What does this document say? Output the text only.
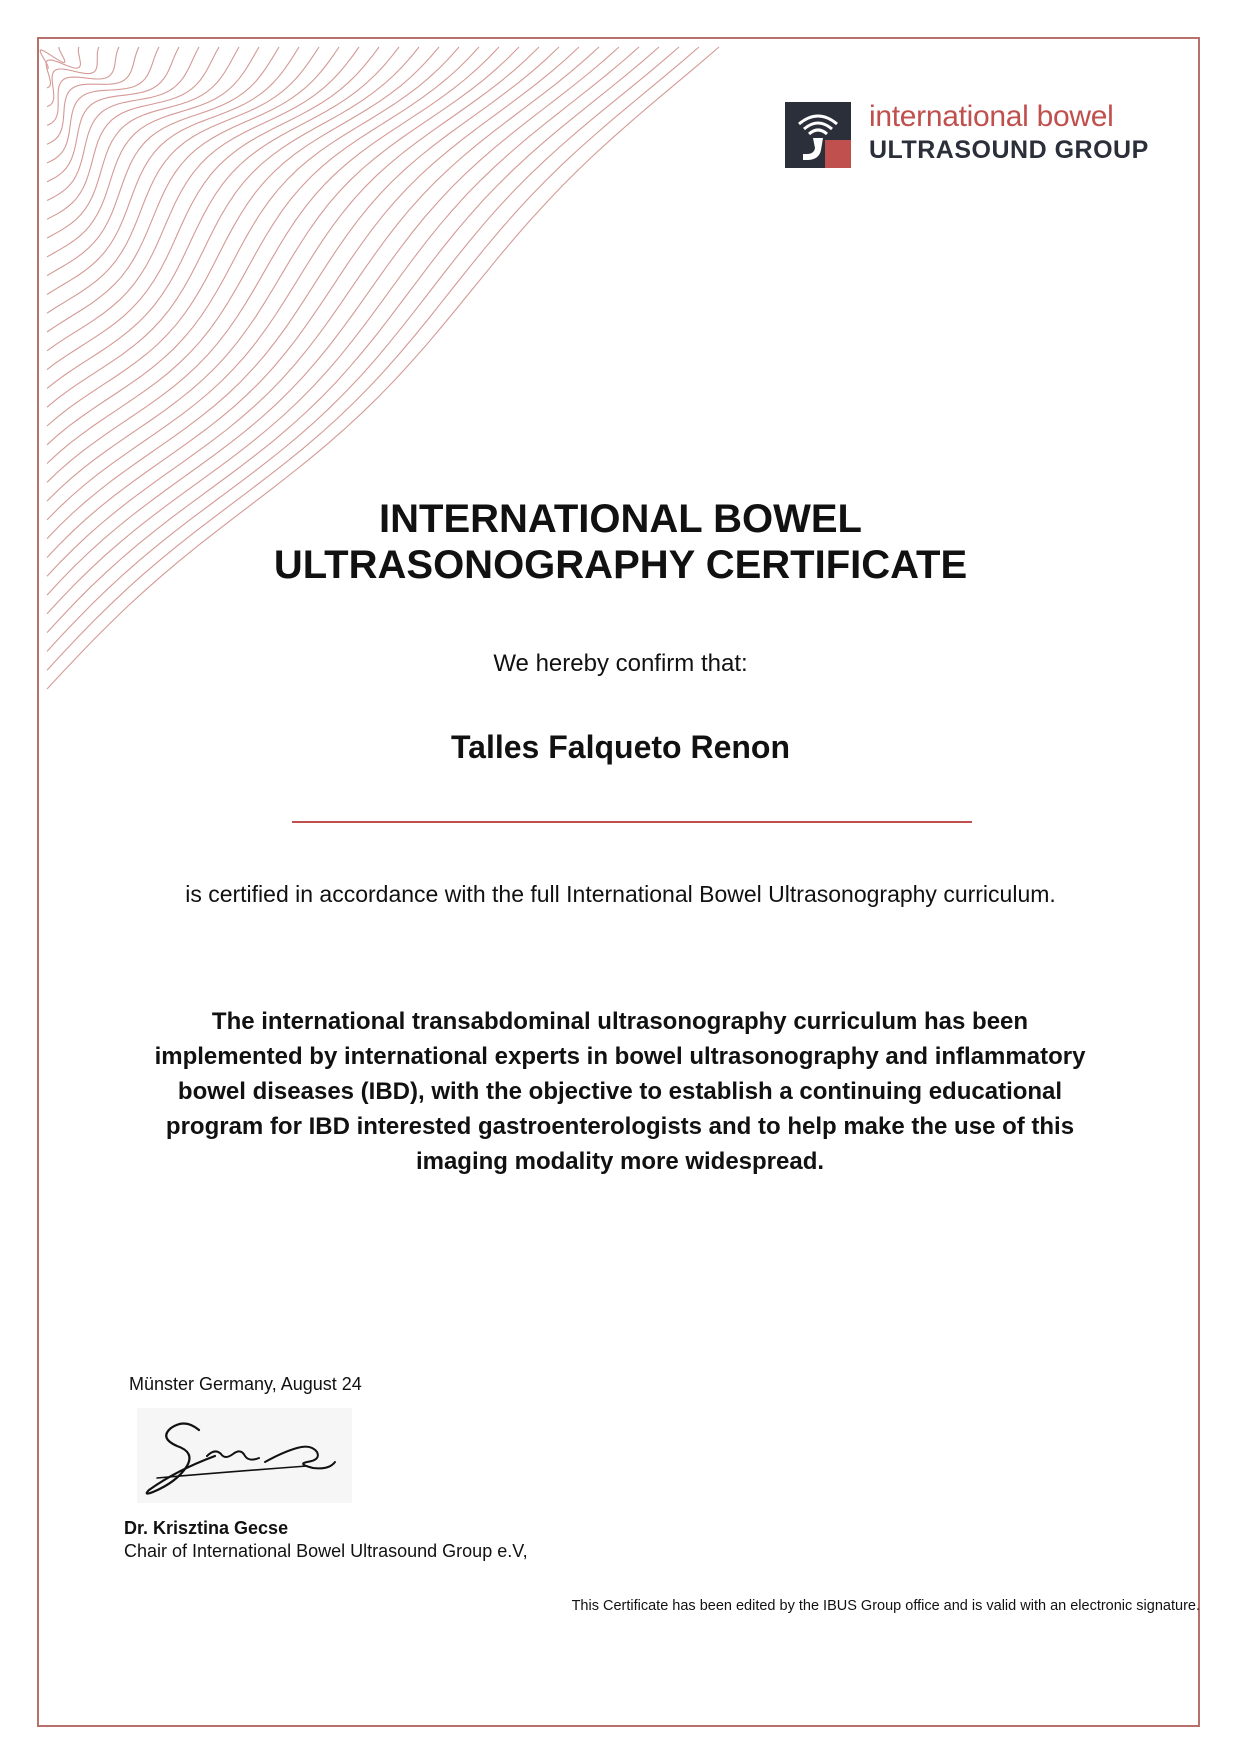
international bowel
ULTRASOUND GROUP
INTERNATIONAL BOWEL
ULTRASONOGRAPHY CERTIFICATE
We hereby confirm that:
Talles Falqueto Renon
is certified in accordance with the full International Bowel Ultrasonography curriculum.
The international transabdominal ultrasonography curriculum has been implemented by international experts in bowel ultrasonography and inflammatory bowel diseases (IBD), with the objective to establish a continuing educational program for IBD interested gastroenterologists and to help make the use of this imaging modality more widespread.
Münster Germany, August 24
Dr. Krisztina Gecse
Chair of International Bowel Ultrasound Group e.V,
This Certificate has been edited by the IBUS Group office and is valid with an electronic signature.
